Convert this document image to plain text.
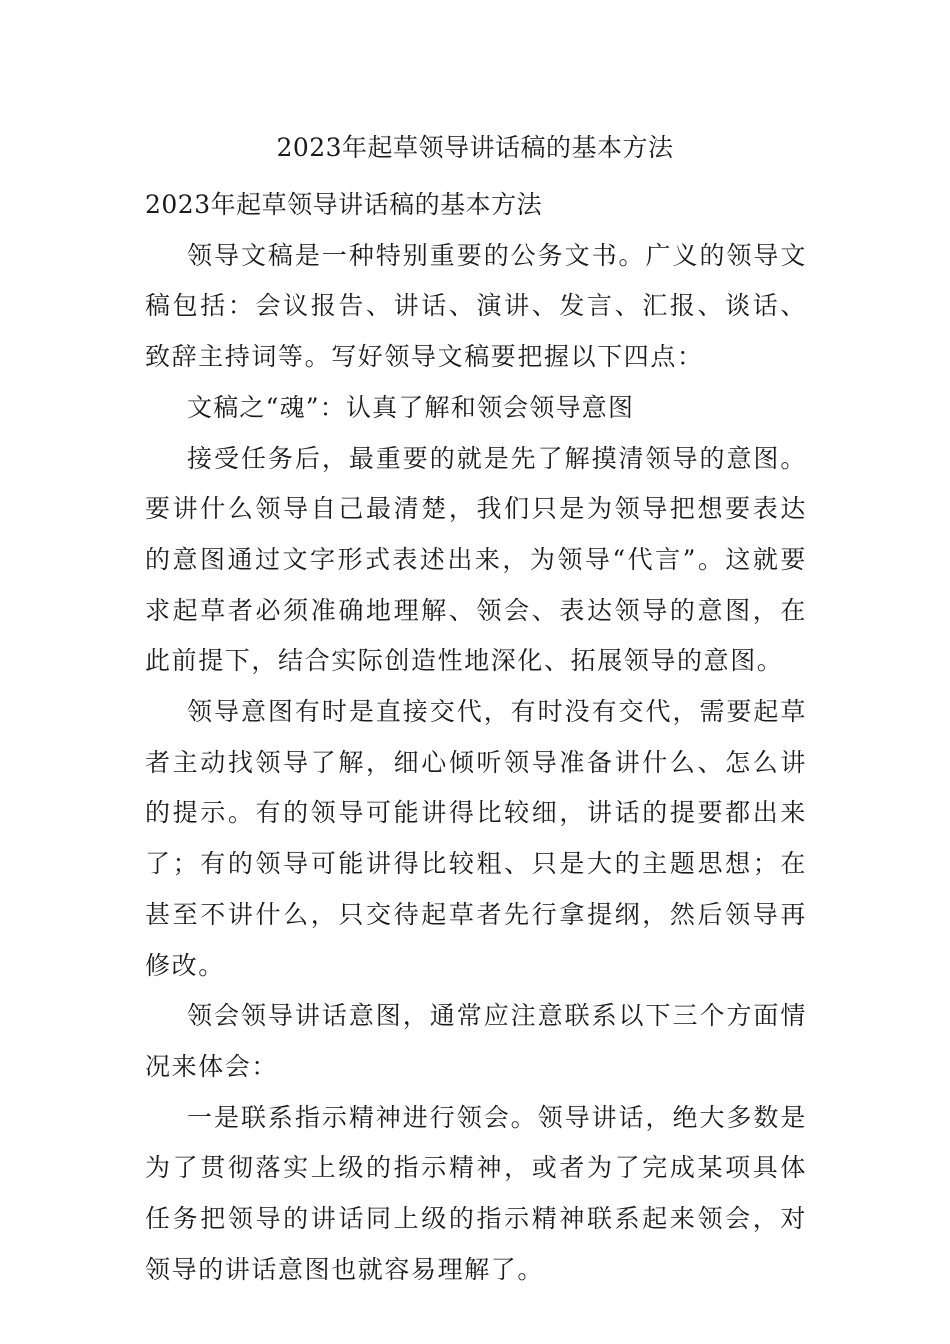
2023年起草领导讲话稿的基本方法

2023年起草领导讲话稿的基本方法

领导文稿是一种特别重要的公务文书。广义的领导文稿包括：会议报告、讲话、演讲、发言、汇报、谈话、致辞主持词等。写好领导文稿要把握以下四点：

文稿之“魂”：认真了解和领会领导意图

接受任务后，最重要的就是先了解摸清领导的意图。要讲什么领导自己最清楚，我们只是为领导把想要表达的意图通过文字形式表述出来，为领导“代言”。这就要求起草者必须准确地理解、领会、表达领导的意图，在此前提下，结合实际创造性地深化、拓展领导的意图。

领导意图有时是直接交代，有时没有交代，需要起草者主动找领导了解，细心倾听领导准备讲什么、怎么讲的提示。有的领导可能讲得比较细，讲话的提要都出来了；有的领导可能讲得比较粗、只是大的主题思想；在甚至不讲什么，只交待起草者先行拿提纲，然后领导再修改。

领会领导讲话意图，通常应注意联系以下三个方面情况来体会：

一是联系指示精神进行领会。领导讲话，绝大多数是为了贯彻落实上级的指示精神，或者为了完成某项具体任务把领导的讲话同上级的指示精神联系起来领会，对领导的讲话意图也就容易理解了。
